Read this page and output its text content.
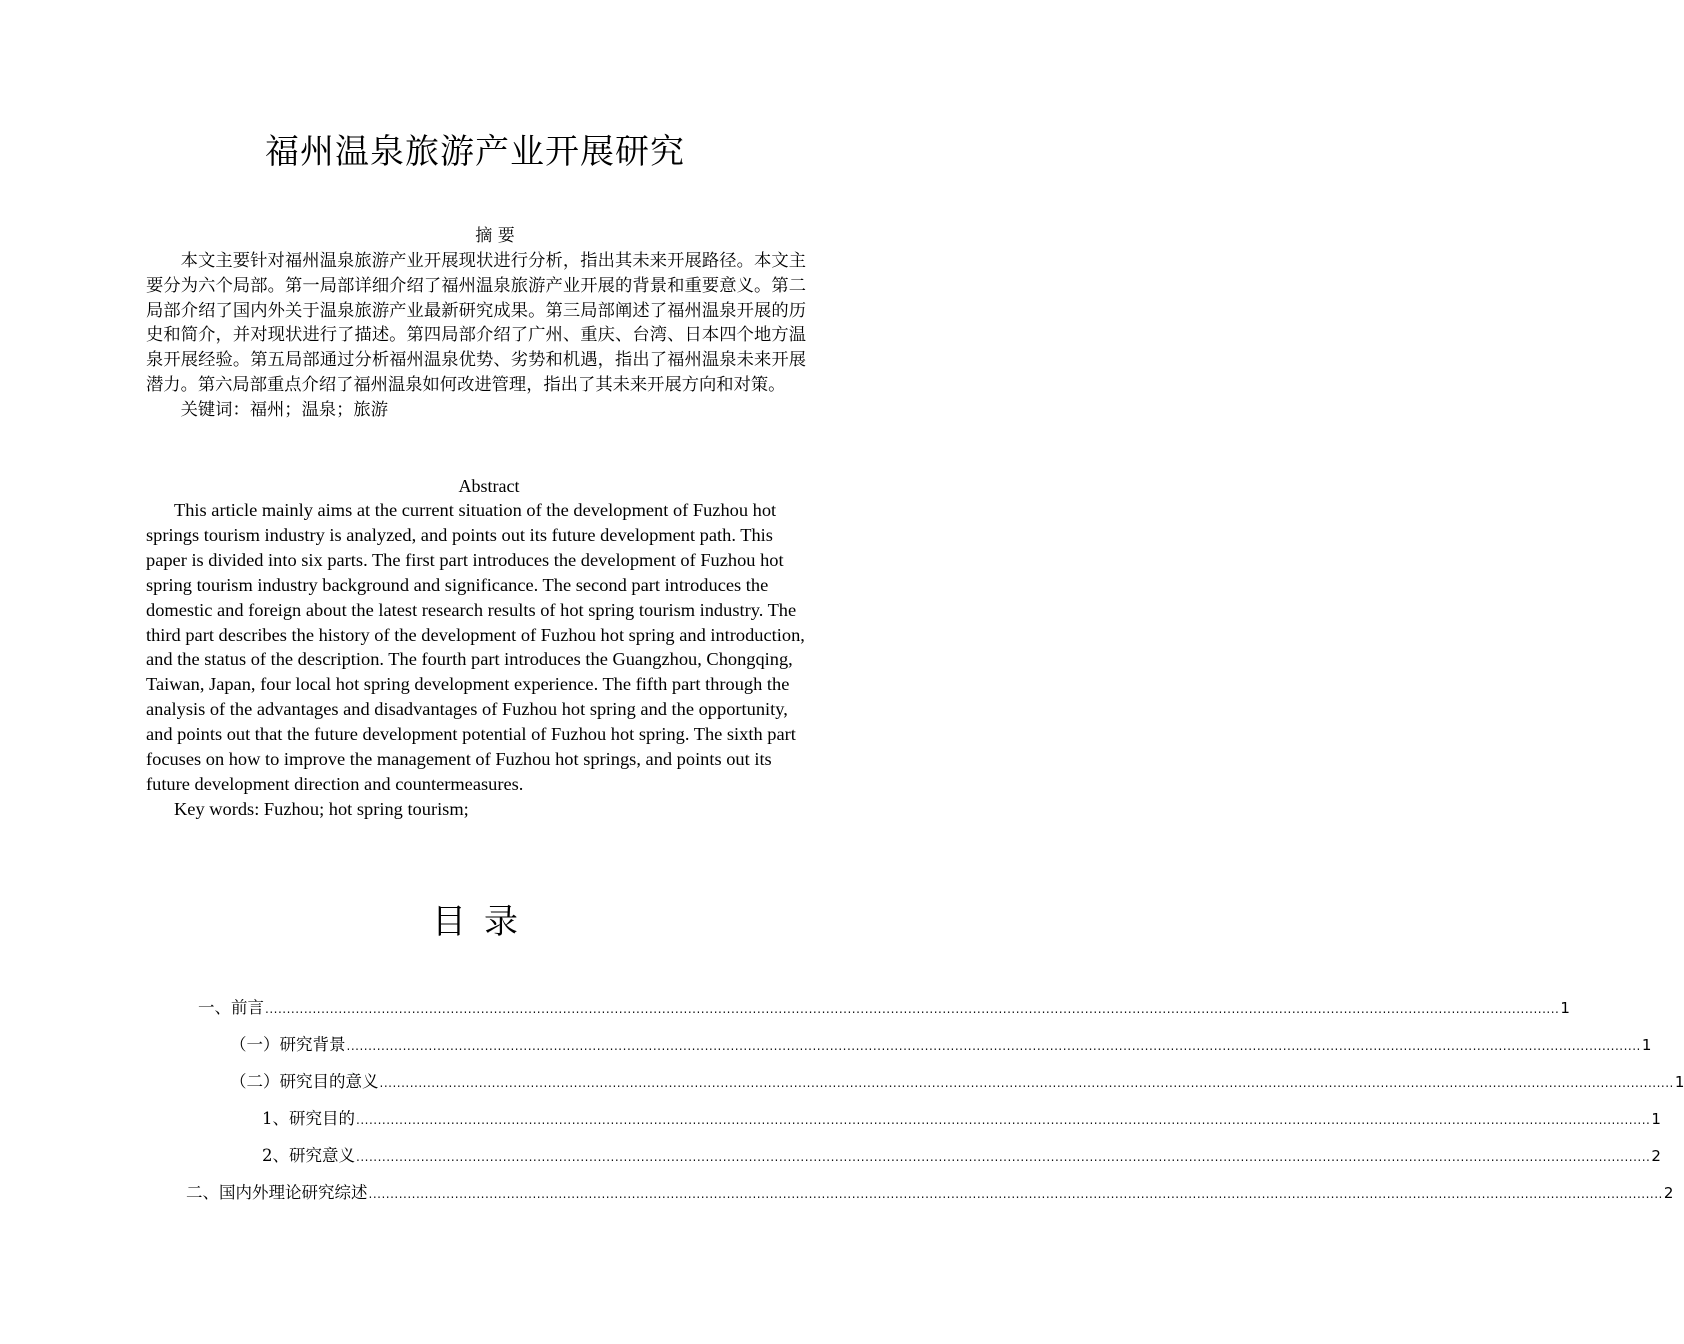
福州温泉旅游产业开展研究
摘 要

本文主要针对福州温泉旅游产业开展现状进行分析，指出其未来开展路径。本文主要分为六个局部。第一局部详细介绍了福州温泉旅游产业开展的背景和重要意义。第二局部介绍了国内外关于温泉旅游产业最新研究成果。第三局部阐述了福州温泉开展的历史和简介，并对现状进行了描述。第四局部介绍了广州、重庆、台湾、日本四个地方温泉开展经验。第五局部通过分析福州温泉优势、劣势和机遇，指出了福州温泉未来开展潜力。第六局部重点介绍了福州温泉如何改进管理，指出了其未来开展方向和对策。

关键词：福州；温泉；旅游

Abstract

This article mainly aims at the current situation of the development of Fuzhou hot springs tourism industry is analyzed, and points out its future development path. This paper is divided into six parts. The first part introduces the development of Fuzhou hot spring tourism industry background and significance. The second part introduces the domestic and foreign about the latest research results of hot spring tourism industry. The third part describes the history of the development of Fuzhou hot spring and introduction, and the status of the description. The fourth part introduces the Guangzhou, Chongqing, Taiwan, Japan, four local hot spring development experience. The fifth part through the analysis of the advantages and disadvantages of Fuzhou hot spring and the opportunity, and points out that the future development potential of Fuzhou hot spring. The sixth part focuses on how to improve the management of Fuzhou hot springs, and points out its future development direction and countermeasures.

Key words: Fuzhou; hot spring tourism;

目录
一、前言 ............................................................................................................................................................................................................................................................................................................ 1
（一）研究背景 ............................................................................................................................................................................................................................................................................................................ 1
（二）研究目的意义 ............................................................................................................................................................................................................................................................................................................ 1
1、研究目的 ............................................................................................................................................................................................................................................................................................................ 1
2、研究意义 ............................................................................................................................................................................................................................................................................................................ 2
二、国内外理论研究综述 ............................................................................................................................................................................................................................................................................................................ 2
